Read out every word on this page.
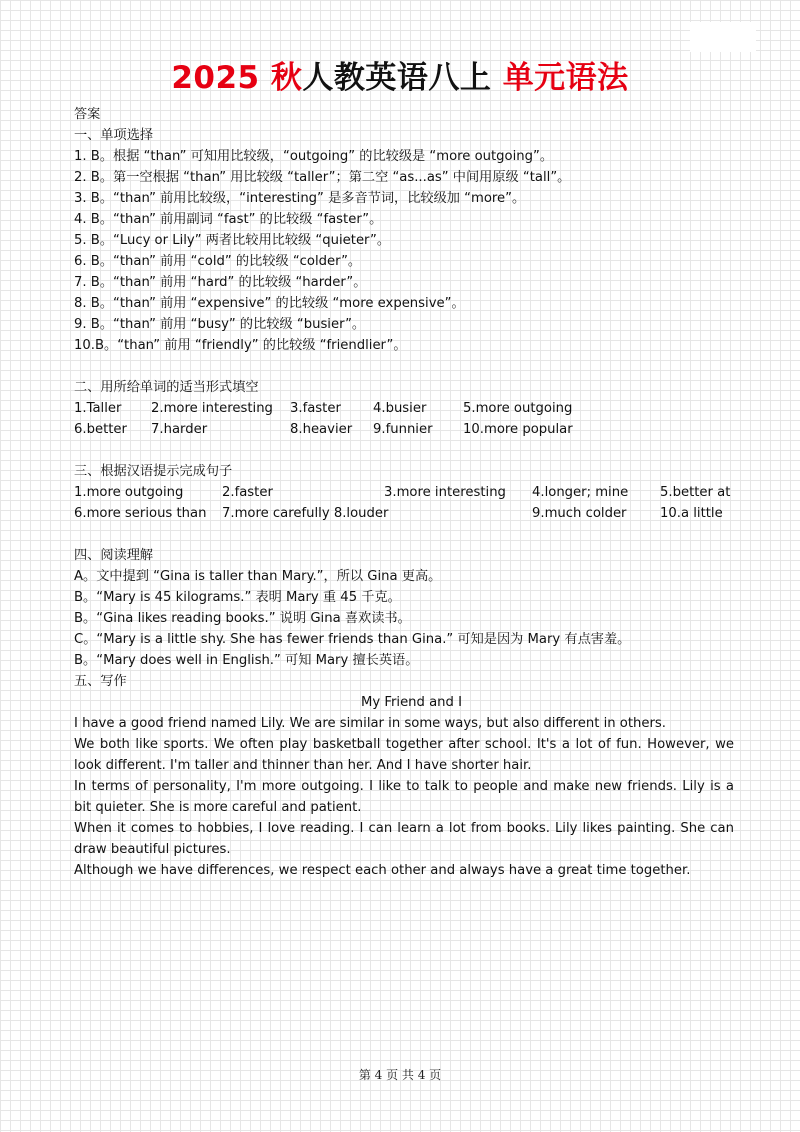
2025 秋人教英语八上 单元语法
答案
一、单项选择
1. B。根据 “than” 可知用比较级，“outgoing” 的比较级是 “more outgoing”。
2. B。第一空根据 “than” 用比较级 “taller”；第二空 “as...as” 中间用原级 “tall”。
3. B。“than” 前用比较级，“interesting” 是多音节词，比较级加 “more”。
4. B。“than” 前用副词 “fast” 的比较级 “faster”。
5. B。“Lucy or Lily” 两者比较用比较级 “quieter”。
6. B。“than” 前用 “cold” 的比较级 “colder”。
7. B。“than” 前用 “hard” 的比较级 “harder”。
8. B。“than” 前用 “expensive” 的比较级 “more expensive”。
9. B。“than” 前用 “busy” 的比较级 “busier”。
10.B。“than” 前用 “friendly” 的比较级 “friendlier”。
二、用所给单词的适当形式填空
1.Taller	2.more interesting	3.faster	4.busier	5.more outgoing
6.better	7.harder	8.heavier	9.funnier	10.more popular
三、根据汉语提示完成句子
1.more outgoing	2.faster	3.more interesting	4.longer; mine	5.better at
6.more serious than	7.more carefully 8.louder	9.much colder	10.a little
四、阅读理解
A。文中提到 “Gina is taller than Mary.”，所以 Gina 更高。
B。“Mary is 45 kilograms.” 表明 Mary 重 45 千克。
B。“Gina likes reading books.” 说明 Gina 喜欢读书。
C。“Mary is a little shy. She has fewer friends than Gina.” 可知是因为 Mary 有点害羞。
B。“Mary does well in English.” 可知 Mary 擅长英语。
五、写作
My Friend and I
I have a good friend named Lily. We are similar in some ways, but also different in others.
We both like sports. We often play basketball together after school. It's a lot of fun. However, we look different. I'm taller and thinner than her. And I have shorter hair.
In terms of personality, I'm more outgoing. I like to talk to people and make new friends. Lily is a bit quieter. She is more careful and patient.
When it comes to hobbies, I love reading. I can learn a lot from books. Lily likes painting. She can draw beautiful pictures.
Although we have differences, we respect each other and always have a great time together.
第 4 页 共 4 页
